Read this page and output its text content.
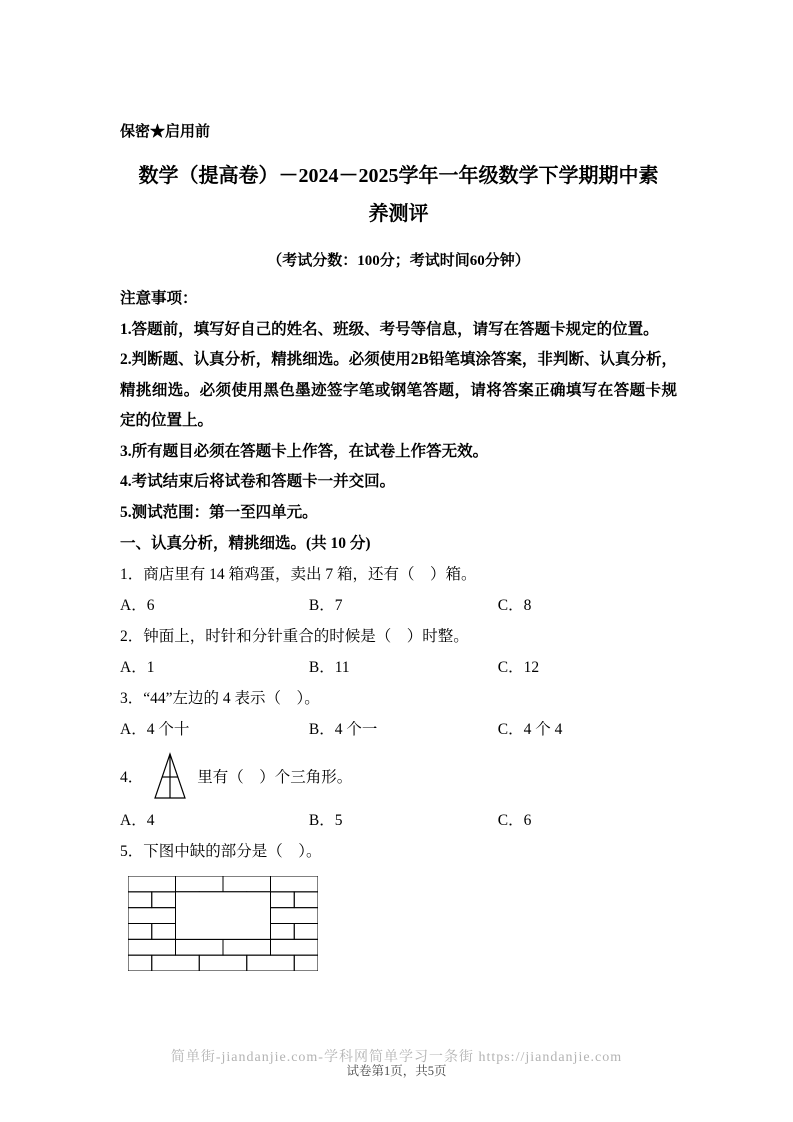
保密★启用前
数学（提高卷）－2024－2025学年一年级数学下学期期中素
养测评
（考试分数：100分；考试时间60分钟）
注意事项：
1.答题前，填写好自己的姓名、班级、考号等信息，请写在答题卡规定的位置。
2.判断题、认真分析，精挑细选。必须使用2B铅笔填涂答案，非判断、认真分析，精挑细选。必须使用黑色墨迹签字笔或钢笔答题，请将答案正确填写在答题卡规定的位置上。
3.所有题目必须在答题卡上作答，在试卷上作答无效。
4.考试结束后将试卷和答题卡一并交回。
5.测试范围：第一至四单元。
一、认真分析，精挑细选。(共 10 分)
1．商店里有 14 箱鸡蛋，卖出 7 箱，还有（　）箱。
A．6	B．7	C．8
2．钟面上，时针和分针重合的时候是（　）时整。
A．1	B．11	C．12
3．“44”左边的 4 表示（　）。
A．4 个十	B．4 个一	C．4 个 4
4．	里有（　）个三角形。
A．4	B．5	C．6
5．下图中缺的部分是（　）。
简单街-jiandanjie.com-学科网简单学习一条街 https://jiandanjie.com
试卷第1页，共5页
